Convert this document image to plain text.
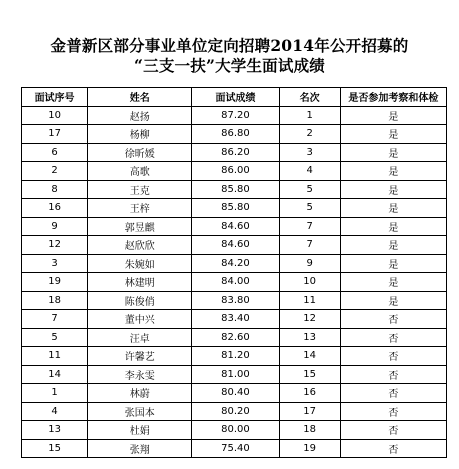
金普新区部分事业单位定向招聘2014年公开招募的
“三支一扶”大学生面试成绩
面试序号	姓名	面试成绩	名次	是否参加考察和体检
10	赵扬	87.20	1	是
17	杨柳	86.80	2	是
6	徐昕媛	86.20	3	是
2	高歌	86.00	4	是
8	王克	85.80	5	是
16	王梓	85.80	5	是
9	郭昱麒	84.60	7	是
12	赵欣欣	84.60	7	是
3	朱婉如	84.20	9	是
19	林建明	84.00	10	是
18	陈俊俏	83.80	11	是
7	董中兴	83.40	12	否
5	汪卓	82.60	13	否
11	许馨艺	81.20	14	否
14	李永雯	81.00	15	否
1	林蔚	80.40	16	否
4	张国本	80.20	17	否
13	杜娟	80.00	18	否
15	张翔	75.40	19	否
